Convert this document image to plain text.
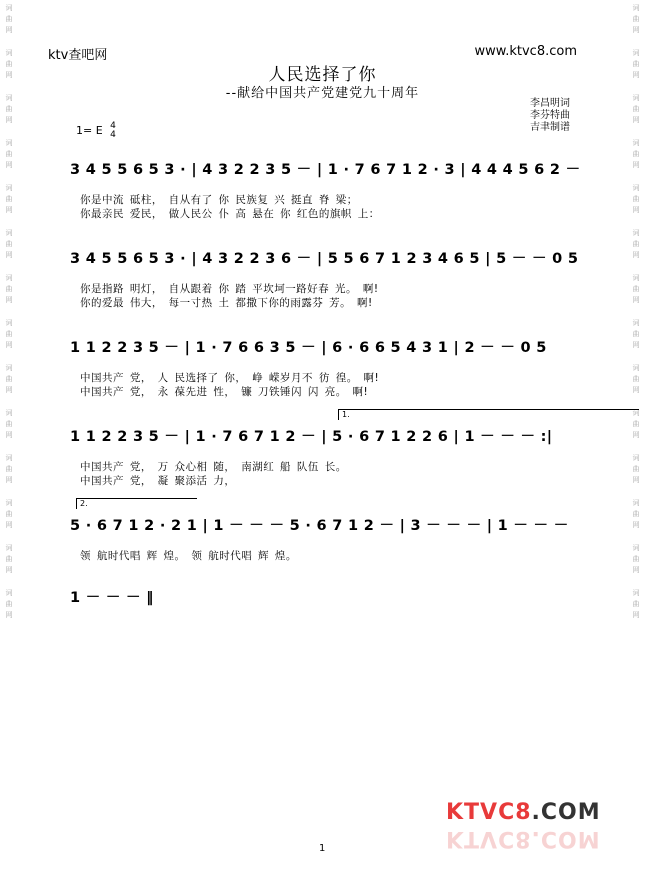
词
曲
网
词
曲
网
词
曲
网
词
曲
网
词
曲
网
词
曲
网
词
曲
网
词
曲
网
词
曲
网
词
曲
网
词
曲
网
词
曲
网
词
曲
网
词
曲
网
词
曲
网
词
曲
网
词
曲
网
词
曲
网
词
曲
网
词
曲
网
词
曲
网
词
曲
网
词
曲
网
词
曲
网
词
曲
网
词
曲
网
词
曲
网
词
曲
网
ktv查吧网	www.ktvc8.com
人民选择了你
--献给中国共产党建党九十周年
李昌明词
李芬特曲
吉聿制谱
1= E 4
4
3 4 5 5 6 5 3 · | 4 3 2 2 3 5 － | 1 · 7 6 7 1 2 · 3 | 4 4 4 5 6 2 －
你是中流 砥柱， 自从有了 你 民族复 兴 挺直 脊 梁；
你最亲民 爱民， 做人民公 仆 高 悬在 你 红色的旗帜 上：
3 4 5 5 6 5 3 · | 4 3 2 2 3 6 － | 5 5 6 7 1 2 3 4 6 5 | 5 － － 0 5
你是指路 明灯， 自从跟着 你 踏 平坎坷一路好春 光。 啊!
你的爱最 伟大， 每一寸热 土 都撒下你的雨露芬 芳。 啊!
1 1 2 2 3 5 － | 1 · 7 6 6 3 5 － | 6 · 6 6 5 4 3 1 | 2 － － 0 5
中国共产 党， 人 民选择了 你， 峥 嵘岁月不 彷 徨。 啊!
中国共产 党， 永 葆先进 性， 镰 刀铁锤闪 闪 亮。 啊!
1.
1 1 2 2 3 5 － | 1 · 7 6 7 1 2 － | 5 · 6 7 1 2 2 6 | 1 － － － :|
中国共产 党， 万 众心相 随， 南湖红 船 队伍 长。
中国共产 党， 凝 聚添活 力，
2.
5 · 6 7 1 2 · 2 1 | 1 － － － 5 · 6 7 1 2 － | 3 － － － | 1 － － －
领 航时代唱 辉 煌。 领 航时代唱 辉 煌。
1 － － － ‖
1
KTVC8.COM
KTVC8.COM
